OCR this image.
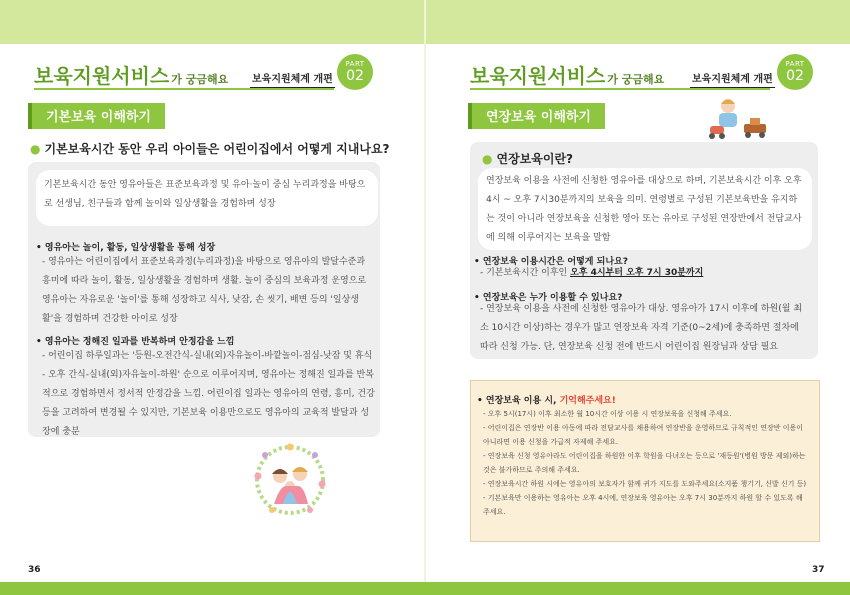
보육지원서비스 가 궁금해요 보육지원체계 개편
PART
02
기본보육 이해하기
● 기본보육시간 동안 우리 아이들은 어린이집에서 어떻게 지내나요?
기본보육시간 동안 영유아들은 표준보육과정 및 유아·놀이 중심 누리과정을 바탕으로 선생님, 친구들과 함께 놀이와 일상생활을 경험하며 성장
• 영유아는 놀이, 활동, 일상생활을 통해 성장
- 영유아는 어린이집에서 표준보육과정(누리과정)을 바탕으로 영유아의 발달수준과 흥미에 따라 놀이, 활동, 일상생활을 경험하며 생활. 놀이 중심의 보육과정 운영으로 영유아는 자유로운 '놀이'를 통해 성장하고 식사, 낮잠, 손 씻기, 배변 등의 '일상생활'을 경험하며 건강한 아이로 성장
• 영유아는 정해진 일과를 반복하며 안정감을 느낌
- 어린이집 하루일과는 '등원-오전간식-실내(외)자유놀이-바깥놀이-점심-낮잠 및 휴식
- 오후 간식-실내(외)자유놀이-하원' 순으로 이루어지며, 영유아는 정해진 일과를 반복적으로 경험하면서 정서적 안정감을 느낌. 어린이집 일과는 영유아의 연령, 흥미, 건강 등을 고려하여 변경될 수 있지만, 기본보육 이용만으로도 영유아의 교육적 발달과 성장에 충분
36
보육지원서비스 가 궁금해요	보육지원체계 개편
PART
02
연장보육 이해하기
● 연장보육이란?
연장보육 이용을 사전에 신청한 영유아를 대상으로 하며, 기본보육시간 이후 오후 4시 ~ 오후 7시30분까지의 보육을 의미. 연령별로 구성된 기본보육반을 유지하는 것이 아니라 연장보육을 신청한 영아 또는 유아로 구성된 연장반에서 전담교사에 의해 이루어지는 보육을 말함
• 연장보육 이용시간은 어떻게 되나요?
- 기본보육시간 이후인 오후 4시부터 오후 7시 30분까지
• 연장보육은 누가 이용할 수 있나요?
- 연장보육 이용을 사전에 신청한 영유아가 대상. 영유아가 17시 이후에 하원(월 최소 10시간 이상)하는 경우가 많고 연장보육 자격 기준(0~2세)에 충족하면 절차에 따라 신청 가능. 단, 연장보육 신청 전에 반드시 어린이집 원장님과 상담 필요
• 연장보육 이용 시, 기억해주세요!
- 오후 5시(17시) 이후 최소한 월 10시간 이상 이용 시 연장보육을 신청해 주세요.
- 어린이집은 연장반 이용 아동에 따라 전담교사를 채용하여 연장반을 운영하므로 규칙적인 연장반 이용이 아니라면 이용 신청을 가급적 자제해 주세요.
- 연장보육 신청 영유아라도 어린이집을 하원한 이후 학원을 다녀오는 등으로 '재등원'(병원 방문 제외)하는 것은 불가하므로 주의해 주세요.
- 연장보육시간 하원 시에는 영유아의 보호자가 함께 귀가 지도를 도와주세요(소지품 챙기기, 신발 신기 등)
- 기본보육만 이용하는 영유아는 오후 4시에, 연장보육 영유아는 오후 7시 30분까지 하원 할 수 있도록 해주세요.
37
